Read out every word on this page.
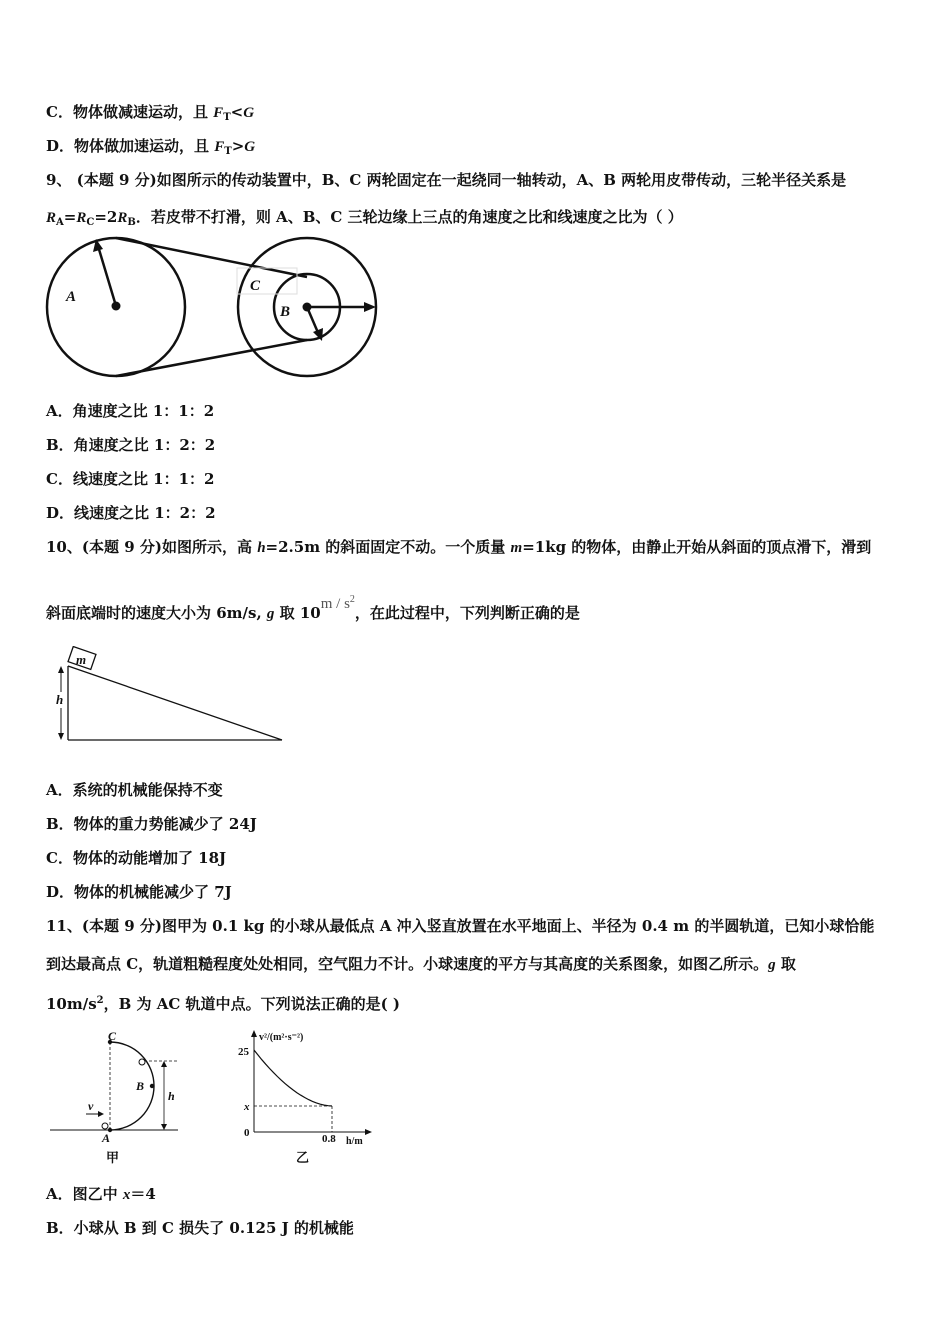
C．物体做减速运动，且 $F_T<G$
D．物体做加速运动，且 $F_T>G$
9、 (本题 9 分)如图所示的传动装置中，B、C 两轮固定在一起绕同一轴转动，A、B 两轮用皮带传动，三轮半径关系是
$R_A=R_C=2R_B$．若皮带不打滑，则 A、B、C 三轮边缘上三点的角速度之比和线速度之比为（ ）
A
C
B
A．角速度之比 1：1：2
B．角速度之比 1：2：2
C．线速度之比 1：1：2
D．线速度之比 1：2：2
10、(本题 9 分)如图所示，高 h=2.5m 的斜面固定不动。一个质量 m=1kg 的物体，由静止开始从斜面的顶点滑下，滑到
斜面底端时的速度大小为 6m/s, g 取 $10m / s^2$，在此过程中，下列判断正确的是
m
h
A．系统的机械能保持不变
B．物体的重力势能减少了 24J
C．物体的动能增加了 18J
D．物体的机械能减少了 7J
11、(本题 9 分)图甲为 0.1 kg 的小球从最低点 A 冲入竖直放置在水平地面上、半径为 0.4 m 的半圆轨道，已知小球恰能
到达最高点 C，轨道粗糙程度处处相同，空气阻力不计。小球速度的平方与其高度的关系图象，如图乙所示。g 取
$10m/s^2$，B 为 AC 轨道中点。下列说法正确的是( )
C
B
A
v
h
甲
v²/(m²·s⁻²)
25
x
0	0.8 h/m
乙
A．图乙中 x＝4
B．小球从 B 到 C 损失了 0.125 J 的机械能
